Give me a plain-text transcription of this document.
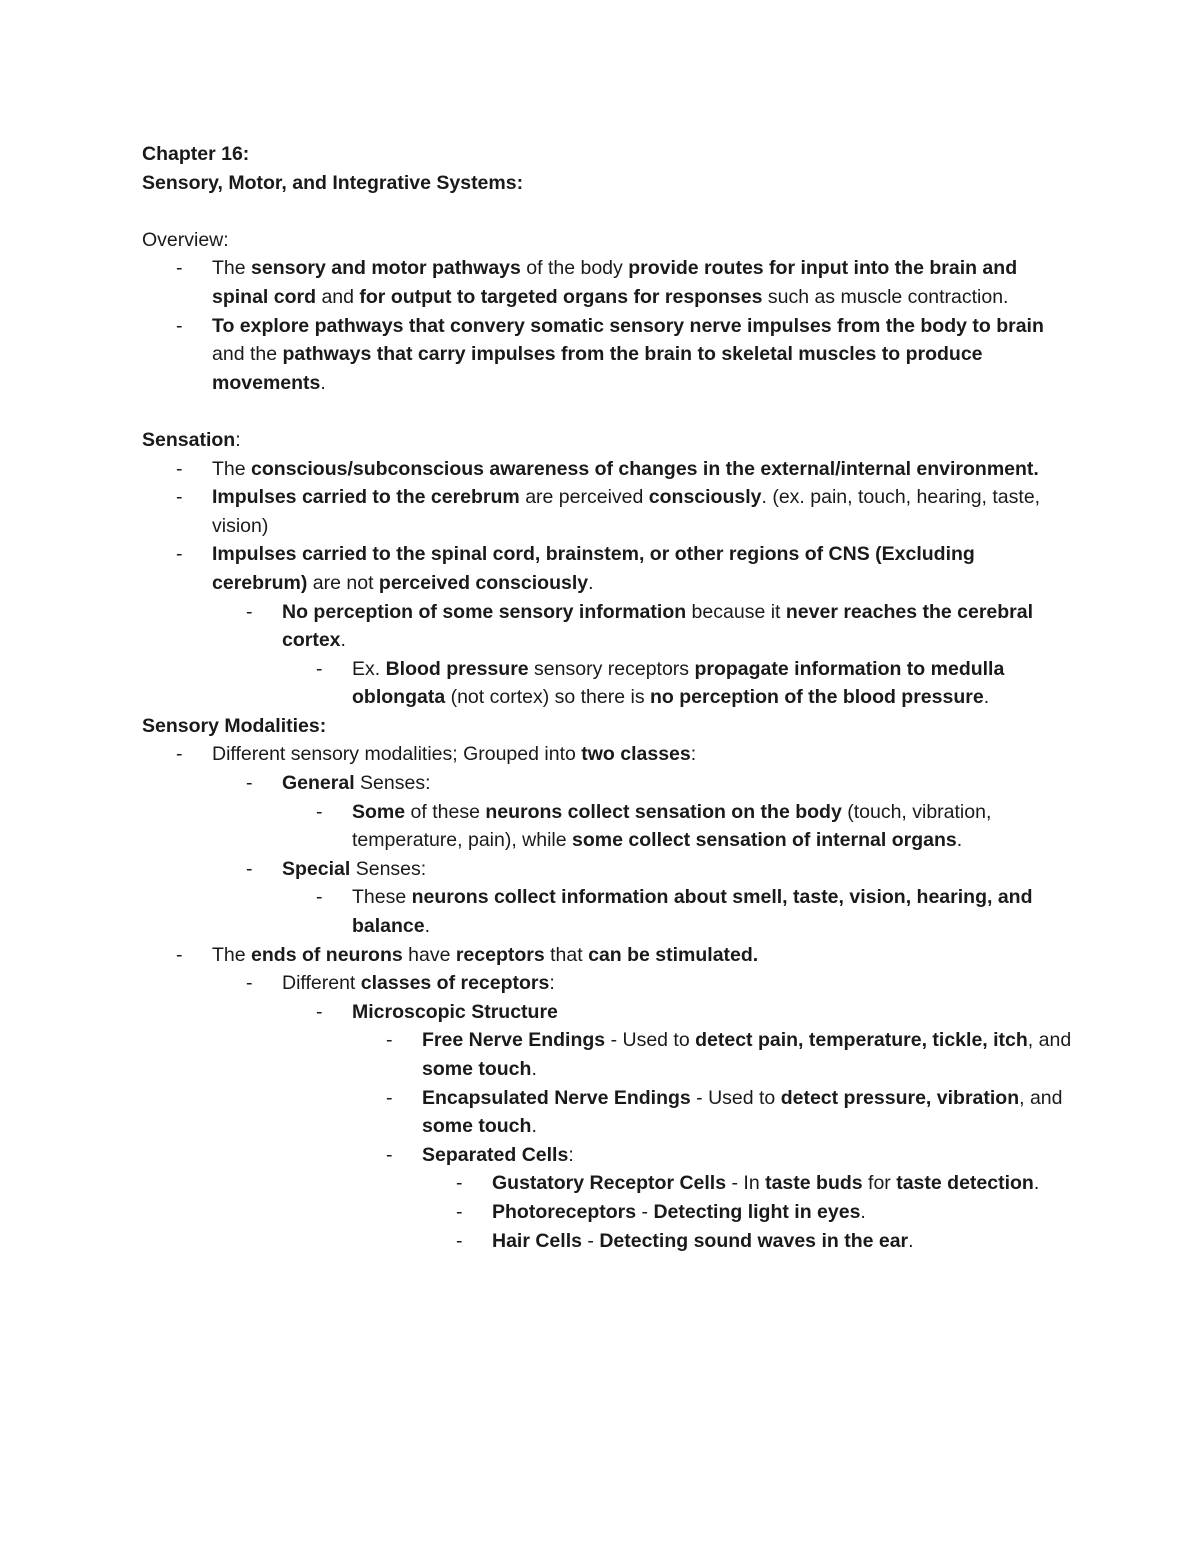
Chapter 16:

Sensory, Motor, and Integrative Systems:

Overview:

- The sensory and motor pathways of the body provide routes for input into the brain and spinal cord and for output to targeted organs for responses such as muscle contraction.
- To explore pathways that convery somatic sensory nerve impulses from the body to brain and the pathways that carry impulses from the brain to skeletal muscles to produce movements.

Sensation:

- The conscious/subconscious awareness of changes in the external/internal environment.
- Impulses carried to the cerebrum are perceived consciously. (ex. pain, touch, hearing, taste, vision)
- Impulses carried to the spinal cord, brainstem, or other regions of CNS (Excluding cerebrum) are not perceived consciously.
- No perception of some sensory information because it never reaches the cerebral cortex.
- Ex. Blood pressure sensory receptors propagate information to medulla oblongata (not cortex) so there is no perception of the blood pressure.

Sensory Modalities:

- Different sensory modalities; Grouped into two classes:
- General Senses:
- Some of these neurons collect sensation on the body (touch, vibration, temperature, pain), while some collect sensation of internal organs.
- Special Senses:
- These neurons collect information about smell, taste, vision, hearing, and balance.
- The ends of neurons have receptors that can be stimulated.
- Different classes of receptors:
- Microscopic Structure
- Free Nerve Endings - Used to detect pain, temperature, tickle, itch, and some touch.
- Encapsulated Nerve Endings - Used to detect pressure, vibration, and some touch.
- Separated Cells:
- Gustatory Receptor Cells - In taste buds for taste detection.
- Photoreceptors - Detecting light in eyes.
- Hair Cells - Detecting sound waves in the ear.
